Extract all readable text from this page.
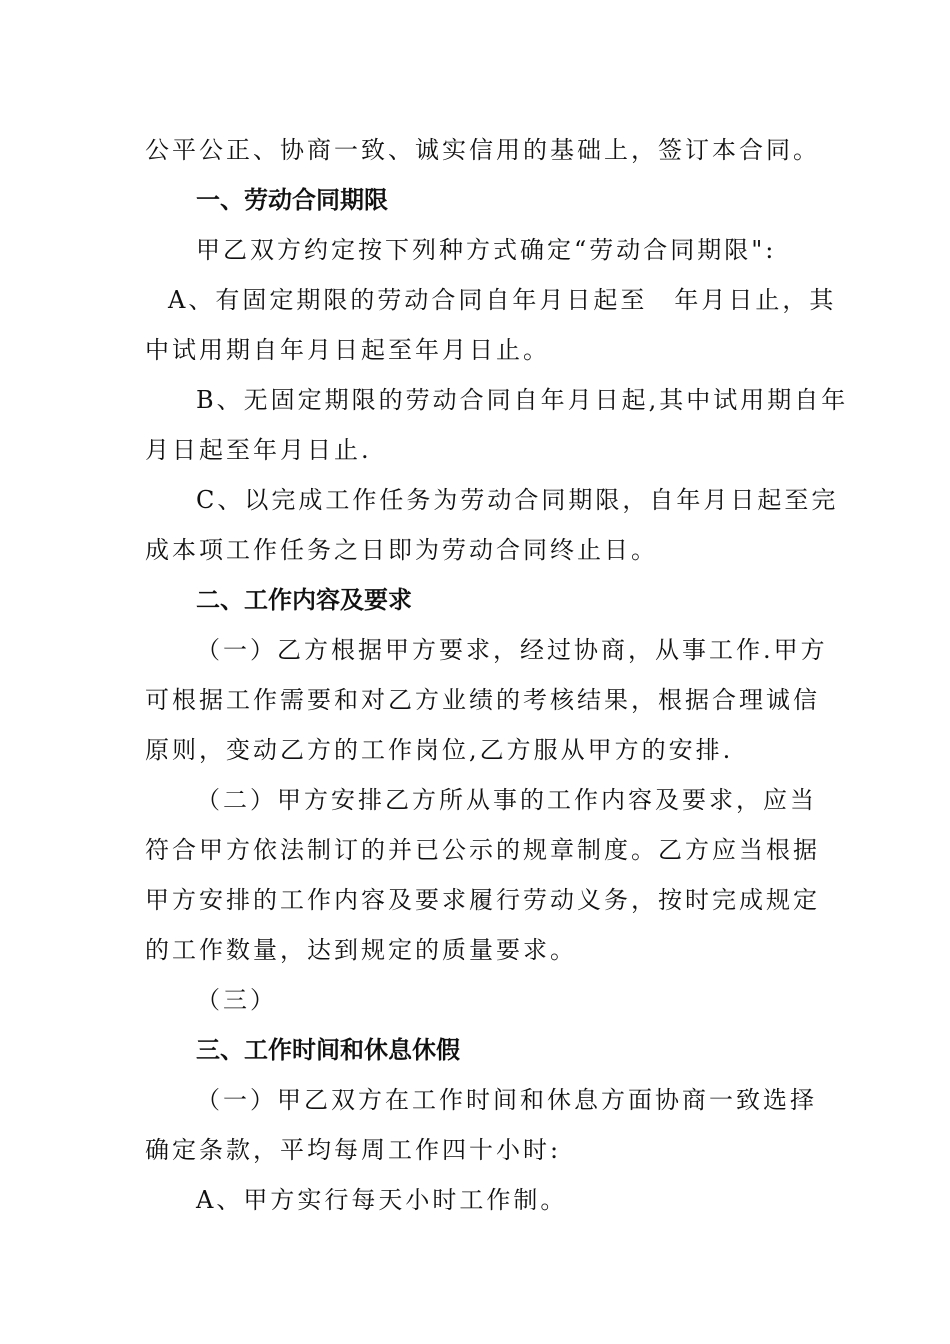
公平公正、协商一致、诚实信用的基础上，签订本合同。
一、劳动合同期限
甲乙双方约定按下列种方式确定“劳动合同期限":
A、有固定期限的劳动合同自年月日起至　年月日止，其
中试用期自年月日起至年月日止。
B、无固定期限的劳动合同自年月日起,其中试用期自年
月日起至年月日止.
C、以完成工作任务为劳动合同期限，自年月日起至完
成本项工作任务之日即为劳动合同终止日。
二、工作内容及要求
（一）乙方根据甲方要求，经过协商，从事工作.甲方
可根据工作需要和对乙方业绩的考核结果，根据合理诚信
原则，变动乙方的工作岗位,乙方服从甲方的安排.
（二）甲方安排乙方所从事的工作内容及要求，应当
符合甲方依法制订的并已公示的规章制度。乙方应当根据
甲方安排的工作内容及要求履行劳动义务，按时完成规定
的工作数量，达到规定的质量要求。
（三）
三、工作时间和休息休假
（一）甲乙双方在工作时间和休息方面协商一致选择
确定条款，平均每周工作四十小时:
A、甲方实行每天小时工作制。
